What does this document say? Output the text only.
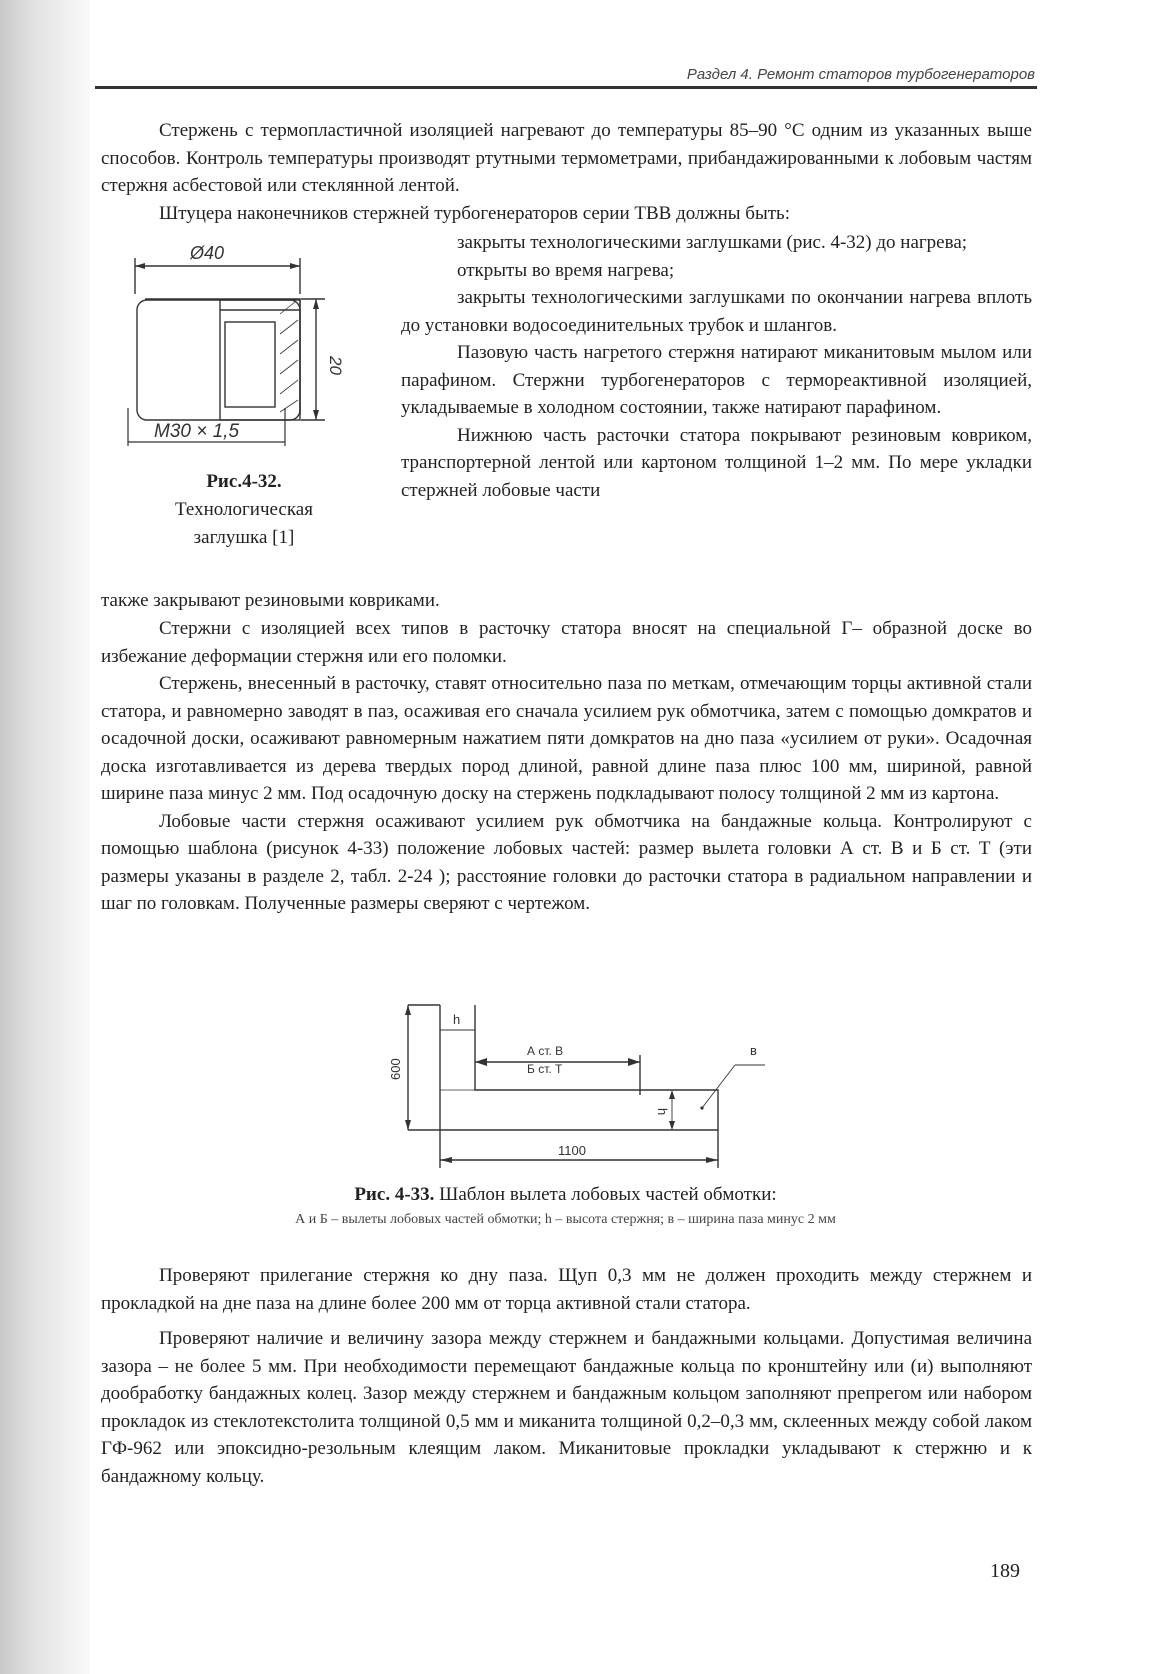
Раздел 4. Ремонт статоров турбогенераторов

Стержень с термопластичной изоляцией нагревают до температуры 85–90 °С одним из указанных выше способов. Контроль температуры производят ртутными термометрами, прибандажированными к лобовым частям стержня асбестовой или стеклянной лентой.

Штуцера наконечников стержней турбогенераторов серии ТВВ должны быть:

Ø40
20
M30 × 1,5
Рис.4-32.
Технологическая заглушка [1]

закрыты технологическими заглушками (рис. 4-32) до нагрева;

открыты во время нагрева;

закрыты технологическими заглушками по окончании нагрева вплоть до установки водосоединительных трубок и шлангов.

Пазовую часть нагретого стержня натирают миканитовым мылом или парафином. Стержни турбогенераторов с термореактивной изоляцией, укладываемые в холодном состоянии, также натирают парафином.

Нижнюю часть расточки статора покрывают резиновым ковриком, транспортерной лентой или картоном толщиной 1–2 мм. По мере укладки стержней лобовые части

также закрывают резиновыми ковриками.

Стержни с изоляцией всех типов в расточку статора вносят на специальной Г– образной доске во избежание деформации стержня или его поломки.

Стержень, внесенный в расточку, ставят относительно паза по меткам, отмечающим торцы активной стали статора, и равномерно заводят в паз, осаживая его сначала усилием рук обмотчика, затем с помощью домкратов и осадочной доски, осаживают равномерным нажатием пяти домкратов на дно паза «усилием от руки». Осадочная доска изготавливается из дерева твердых пород длиной, равной длине паза плюс 100 мм, шириной, равной ширине паза минус 2 мм. Под осадочную доску на стержень подкладывают полосу толщиной 2 мм из картона.

Лобовые части стержня осаживают усилием рук обмотчика на бандажные кольца. Контролируют с помощью шаблона (рисунок 4-33) положение лобовых частей: размер вылета головки А ст. В и Б ст. Т (эти размеры указаны в разделе 2, табл. 2-24 ); расстояние головки до расточки статора в радиальном направлении и шаг по головкам. Полученные размеры сверяют с чертежом.

600
h
А ст. В
Б ст. Т
в
h
1100
Рис. 4-33. Шаблон вылета лобовых частей обмотки:
А и Б – вылеты лобовых частей обмотки; h – высота стержня; в – ширина паза минус 2 мм

Проверяют прилегание стержня ко дну паза. Щуп 0,3 мм не должен проходить между стержнем и прокладкой на дне паза на длине более 200 мм от торца активной стали статора.

Проверяют наличие и величину зазора между стержнем и бандажными кольцами. Допустимая величина зазора – не более 5 мм. При необходимости перемещают бандажные кольца по кронштейну или (и) выполняют дообработку бандажных колец. Зазор между стержнем и бандажным кольцом заполняют препрегом или набором прокладок из стеклотекстолита толщиной 0,5 мм и миканита толщиной 0,2–0,3 мм, склеенных между собой лаком ГФ-962 или эпоксидно-резольным клеящим лаком. Миканитовые прокладки укладывают к стержню и к бандажному кольцу.

189
